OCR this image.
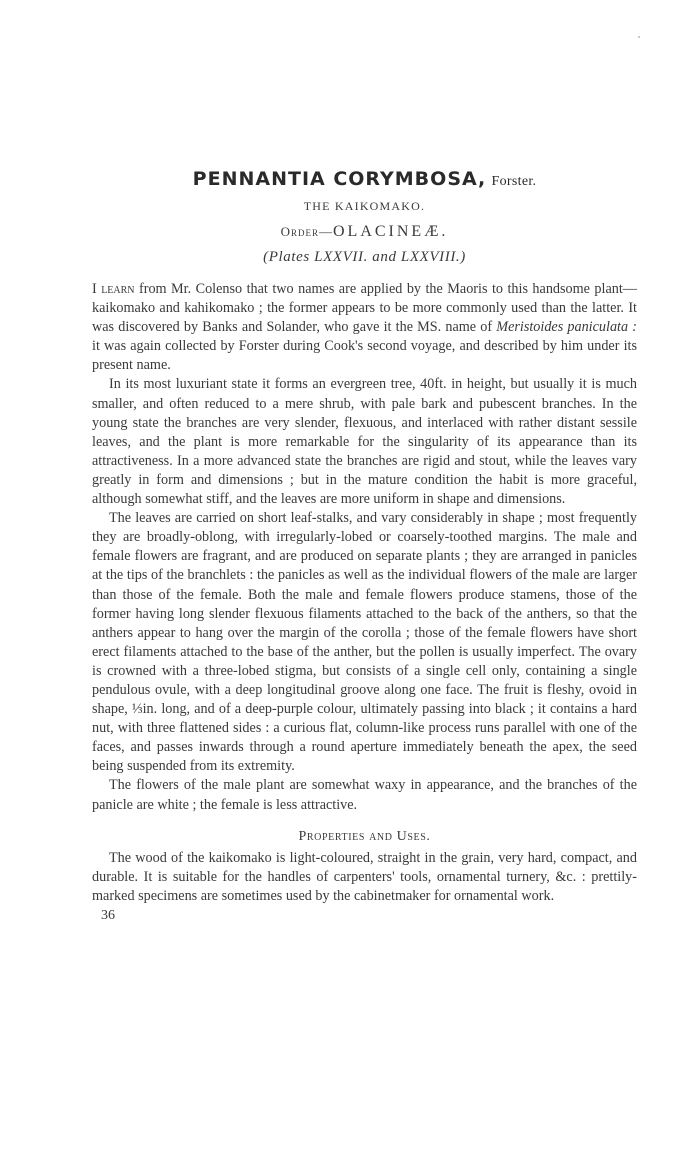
PENNANTIA CORYMBOSA, Forster.
THE KAIKOMAKO.
Order—OLACINEÆ.
(Plates LXXVII. and LXXVIII.)

I learn from Mr. Colenso that two names are applied by the Maoris to this handsome plant—kaikomako and kahikomako ; the former appears to be more commonly used than the latter. It was discovered by Banks and Solander, who gave it the MS. name of Meristoides paniculata : it was again collected by Forster during Cook's second voyage, and described by him under its present name.

In its most luxuriant state it forms an evergreen tree, 40ft. in height, but usually it is much smaller, and often reduced to a mere shrub, with pale bark and pubescent branches. In the young state the branches are very slender, flexuous, and interlaced with rather distant sessile leaves, and the plant is more remarkable for the singularity of its appearance than its attractiveness. In a more advanced state the branches are rigid and stout, while the leaves vary greatly in form and dimensions ; but in the mature condition the habit is more graceful, although somewhat stiff, and the leaves are more uniform in shape and dimensions.

The leaves are carried on short leaf-stalks, and vary considerably in shape ; most frequently they are broadly-oblong, with irregularly-lobed or coarsely-toothed margins. The male and female flowers are fragrant, and are produced on separate plants ; they are arranged in panicles at the tips of the branchlets : the panicles as well as the individual flowers of the male are larger than those of the female. Both the male and female flowers produce stamens, those of the former having long slender flexuous filaments attached to the back of the anthers, so that the anthers appear to hang over the margin of the corolla ; those of the female flowers have short erect filaments attached to the base of the anther, but the pollen is usually imperfect. The ovary is crowned with a three-lobed stigma, but consists of a single cell only, containing a single pendulous ovule, with a deep longitudinal groove along one face. The fruit is fleshy, ovoid in shape, ⅓in. long, and of a deep-purple colour, ultimately passing into black ; it contains a hard nut, with three flattened sides : a curious flat, column-like process runs parallel with one of the faces, and passes inwards through a round aperture immediately beneath the apex, the seed being suspended from its extremity.

The flowers of the male plant are somewhat waxy in appearance, and the branches of the panicle are white ; the female is less attractive.

Properties and Uses.

The wood of the kaikomako is light-coloured, straight in the grain, very hard, compact, and durable. It is suitable for the handles of carpenters' tools, ornamental turnery, &c. : prettily-marked specimens are sometimes used by the cabinetmaker for ornamental work.

36
